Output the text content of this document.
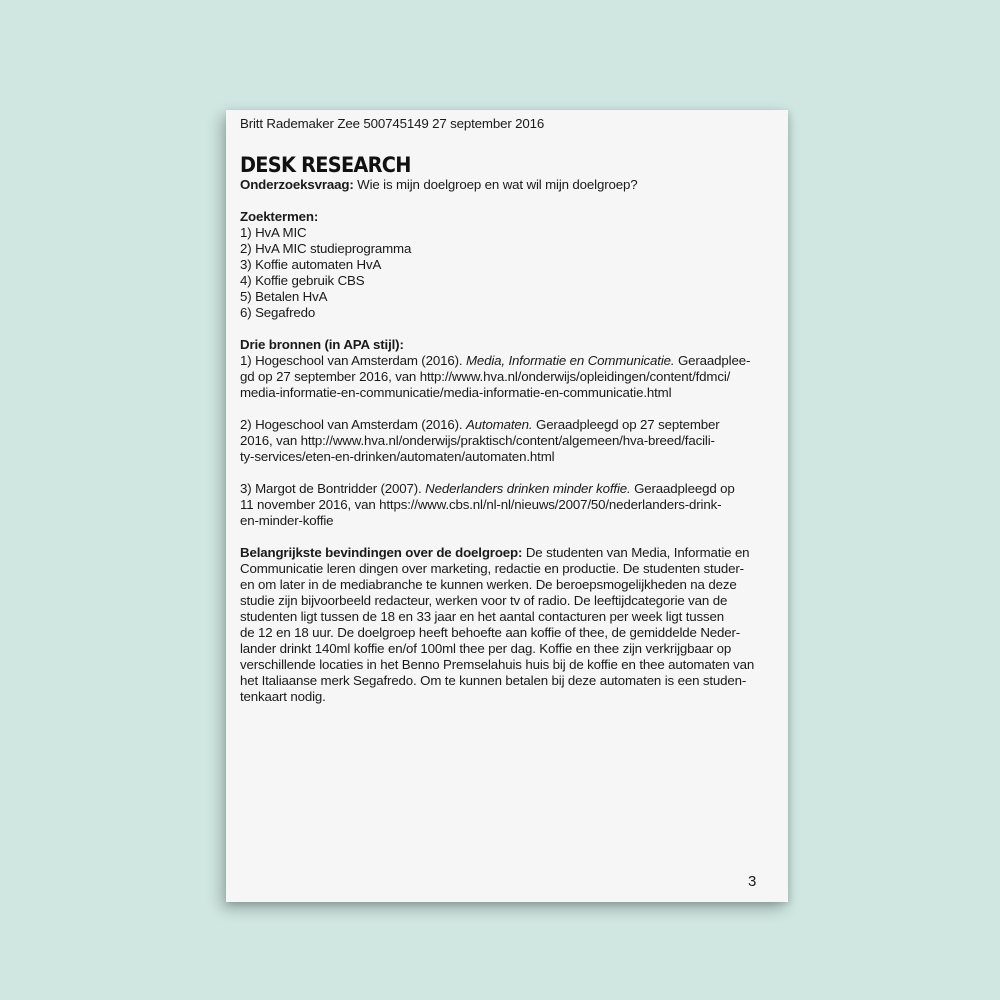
Britt Rademaker Zee 500745149 27 september 2016

DESK RESEARCH

Onderzoeksvraag: Wie is mijn doelgroep en wat wil mijn doelgroep?

Zoektermen:

1) HvA MIC

2) HvA MIC studieprogramma

3) Koffie automaten HvA

4) Koffie gebruik CBS

5) Betalen HvA

6) Segafredo

Drie bronnen (in APA stijl):

1) Hogeschool van Amsterdam (2016). Media, Informatie en Communicatie. Geraadplee-
gd op 27 september 2016, van http://www.hva.nl/onderwijs/opleidingen/content/fdmci/
media-informatie-en-communicatie/media-informatie-en-communicatie.html
2) Hogeschool van Amsterdam (2016). Automaten. Geraadpleegd op 27 september
2016, van http://www.hva.nl/onderwijs/praktisch/content/algemeen/hva-breed/facili-
ty-services/eten-en-drinken/automaten/automaten.html
3) Margot de Bontridder (2007). Nederlanders drinken minder koffie. Geraadpleegd op
11 november 2016, van https://www.cbs.nl/nl-nl/nieuws/2007/50/nederlanders-drink-
en-minder-koffie
Belangrijkste bevindingen over de doelgroep: De studenten van Media, Informatie en
Communicatie leren dingen over marketing, redactie en productie. De studenten studer-
en om later in de mediabranche te kunnen werken. De beroepsmogelijkheden na deze
studie zijn bijvoorbeeld redacteur, werken voor tv of radio. De leeftijdcategorie van de
studenten ligt tussen de 18 en 33 jaar en het aantal contacturen per week ligt tussen
de 12 en 18 uur. De doelgroep heeft behoefte aan koffie of thee, de gemiddelde Neder-
lander drinkt 140ml koffie en/of 100ml thee per dag. Koffie en thee zijn verkrijgbaar op
verschillende locaties in het Benno Premselahuis huis bij de koffie en thee automaten van
het Italiaanse merk Segafredo. Om te kunnen betalen bij deze automaten is een studen-
tenkaart nodig.
3
